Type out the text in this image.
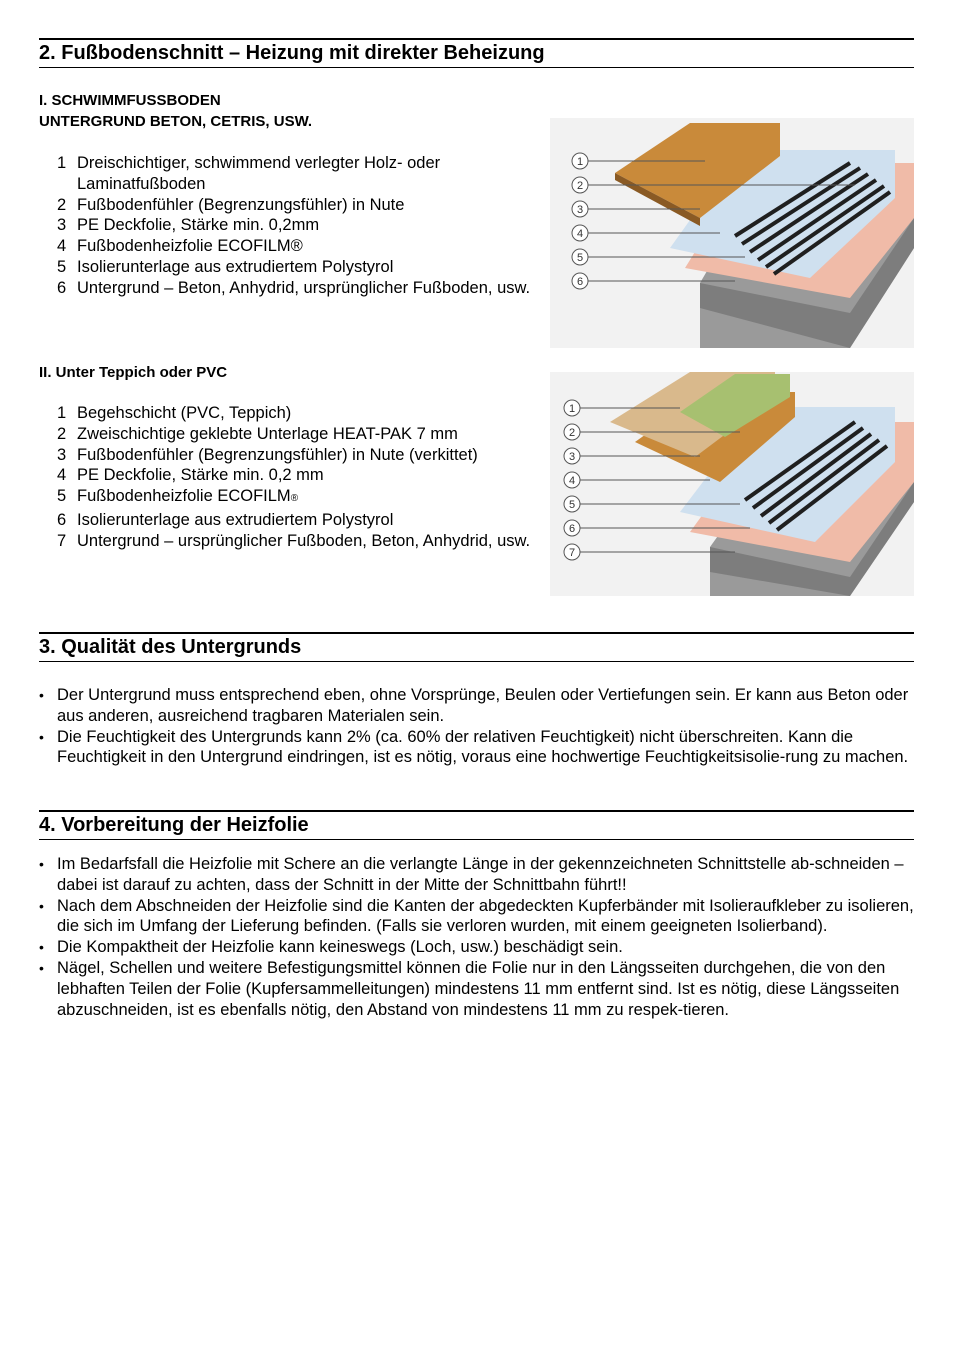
2. Fußbodenschnitt – Heizung mit direkter Beheizung
I. SCHWIMMFUSSBODEN
UNTERGRUND BETON, CETRIS, USW.
1 Dreischichtiger, schwimmend verlegter Holz- oder Laminatfußboden
2 Fußbodenfühler (Begrenzungsfühler) in Nute
3 PE Deckfolie, Stärke min. 0,2mm
4 Fußbodenheizfolie ECOFILM®
5 Isolierunterlage aus extrudiertem Polystyrol
6 Untergrund – Beton, Anhydrid, ursprünglicher Fußboden, usw.
1
2
3
4
5
6
II. Unter Teppich oder PVC
1 Begehschicht (PVC, Teppich)
2 Zweischichtige geklebte Unterlage HEAT-PAK 7 mm
3 Fußbodenfühler (Begrenzungsfühler) in Nute (verkittet)
4 PE Deckfolie, Stärke min. 0,2 mm
5 Fußbodenheizfolie ECOFILM®
6 Isolierunterlage aus extrudiertem Polystyrol
7 Untergrund – ursprünglicher Fußboden, Beton, Anhydrid, usw.
1
2
3
4
5
6
7
3. Qualität des Untergrunds
• Der Untergrund muss entsprechend eben, ohne Vorsprünge, Beulen oder Vertiefungen sein. Er kann aus Beton oder aus anderen, ausreichend tragbaren Materialen sein.
• Die Feuchtigkeit des Untergrunds kann 2% (ca. 60% der relativen Feuchtigkeit) nicht überschreiten. Kann die Feuchtigkeit in den Untergrund eindringen, ist es nötig, voraus eine hochwertige Feuchtigkeitsisolie-rung zu machen.
4. Vorbereitung der Heizfolie
• Im Bedarfsfall die Heizfolie mit Schere an die verlangte Länge in der gekennzeichneten Schnittstelle ab-schneiden – dabei ist darauf zu achten, dass der Schnitt in der Mitte der Schnittbahn führt!!
• Nach dem Abschneiden der Heizfolie sind die Kanten der abgedeckten Kupferbänder mit Isolieraufkleber zu isolieren, die sich im Umfang der Lieferung befinden. (Falls sie verloren wurden, mit einem geeigneten Isolierband).
• Die Kompaktheit der Heizfolie kann keineswegs (Loch, usw.) beschädigt sein.
• Nägel, Schellen und weitere Befestigungsmittel können die Folie nur in den Längsseiten durchgehen, die von den lebhaften Teilen der Folie (Kupfersammelleitungen) mindestens 11 mm entfernt sind. Ist es nötig, diese Längsseiten abzuschneiden, ist es ebenfalls nötig, den Abstand von mindestens 11 mm zu respek-tieren.
